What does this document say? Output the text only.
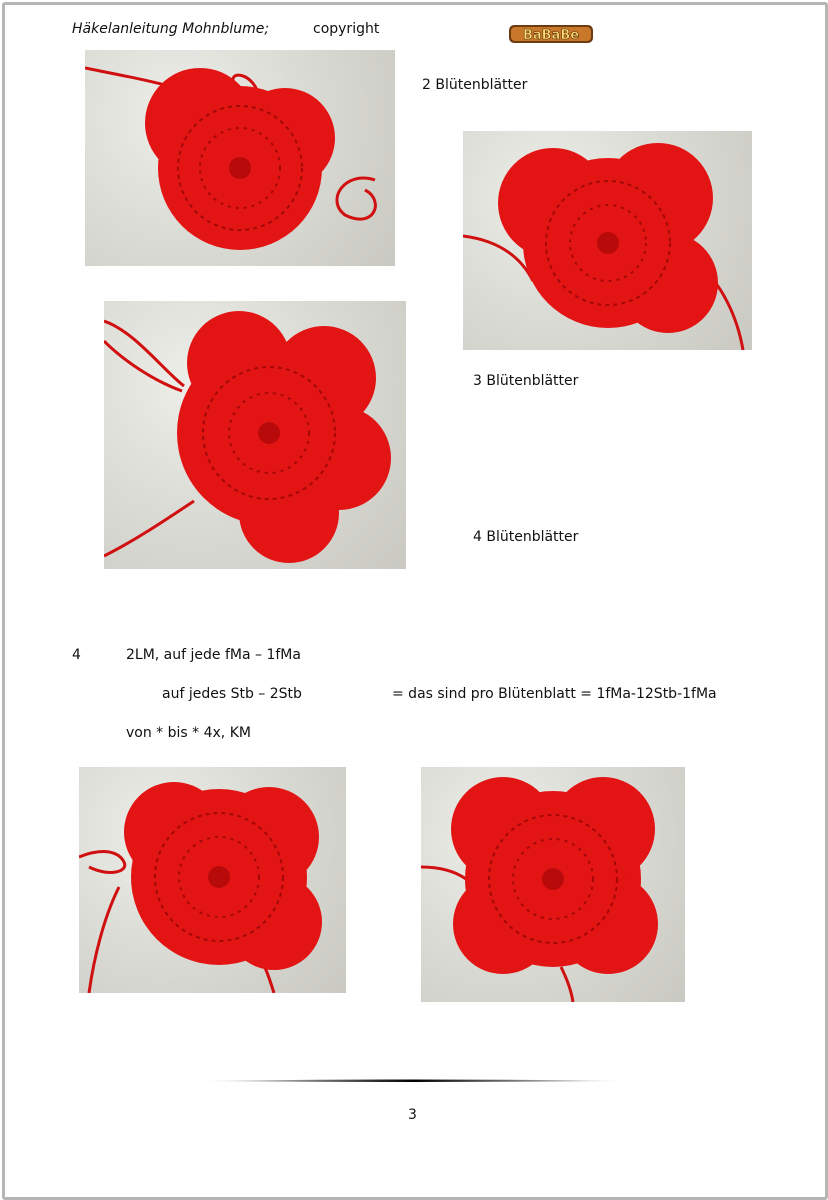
Häkelanleitung Mohnblume;	copyright	BaBaBe
2 Blütenblätter
3 Blütenblätter
4 Blütenblätter
4	2LM, auf jede fMa – 1fMa
auf jedes Stb – 2Stb	= das sind pro Blütenblatt = 1fMa-12Stb-1fMa
von * bis * 4x, KM
3
